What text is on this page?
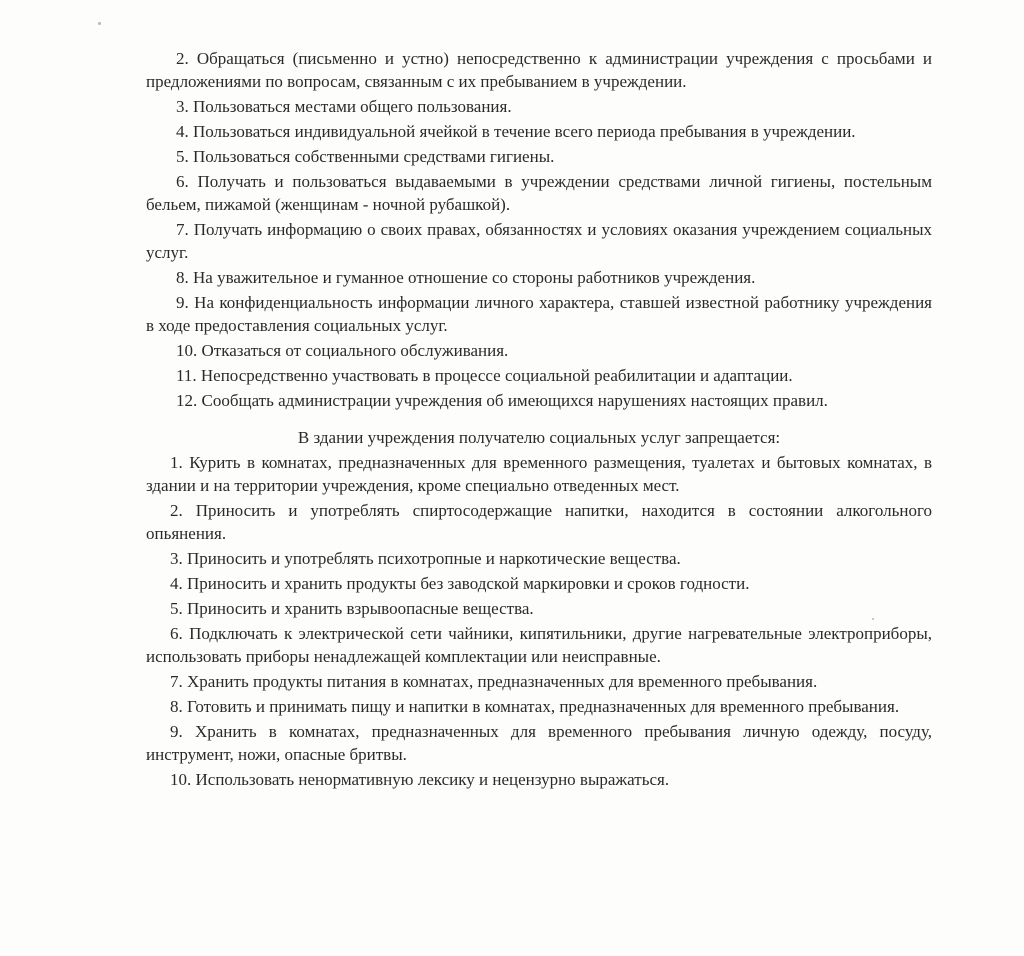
2. Обращаться (письменно и устно) непосредственно к администрации учреждения с просьбами и предложениями по вопросам, связанным с их пребыванием в учреждении.

3. Пользоваться местами общего пользования.

4. Пользоваться индивидуальной ячейкой в течение всего периода пребывания в учреждении.

5. Пользоваться собственными средствами гигиены.

6. Получать и пользоваться выдаваемыми в учреждении средствами личной гигиены, постельным бельем, пижамой (женщинам - ночной рубашкой).

7. Получать информацию о своих правах, обязанностях и условиях оказания учреждением социальных услуг.

8. На уважительное и гуманное отношение со стороны работников учреждения.

9. На конфиденциальность информации личного характера, ставшей известной работнику учреждения в ходе предоставления социальных услуг.

10. Отказаться от социального обслуживания.

11. Непосредственно участвовать в процессе социальной реабилитации и адаптации.

12. Сообщать администрации учреждения об имеющихся нарушениях настоящих правил.

В здании учреждения получателю социальных услуг запрещается:

1. Курить в комнатах, предназначенных для временного размещения, туалетах и бытовых комнатах, в здании и на территории учреждения, кроме специально отведенных мест.

2. Приносить и употреблять спиртосодержащие напитки, находится в состоянии алкогольного опьянения.

3. Приносить и употреблять психотропные и наркотические вещества.

4. Приносить и хранить продукты без заводской маркировки и сроков годности.

5. Приносить и хранить взрывоопасные вещества.

6. Подключать к электрической сети чайники, кипятильники, другие нагревательные электроприборы, использовать приборы ненадлежащей комплектации или неисправные.

7. Хранить продукты питания в комнатах, предназначенных для временного пребывания.

8. Готовить и принимать пищу и напитки в комнатах, предназначенных для временного пребывания.

9. Хранить в комнатах, предназначенных для временного пребывания личную одежду, посуду, инструмент, ножи, опасные бритвы.

10. Использовать ненормативную лексику и нецензурно выражаться.
